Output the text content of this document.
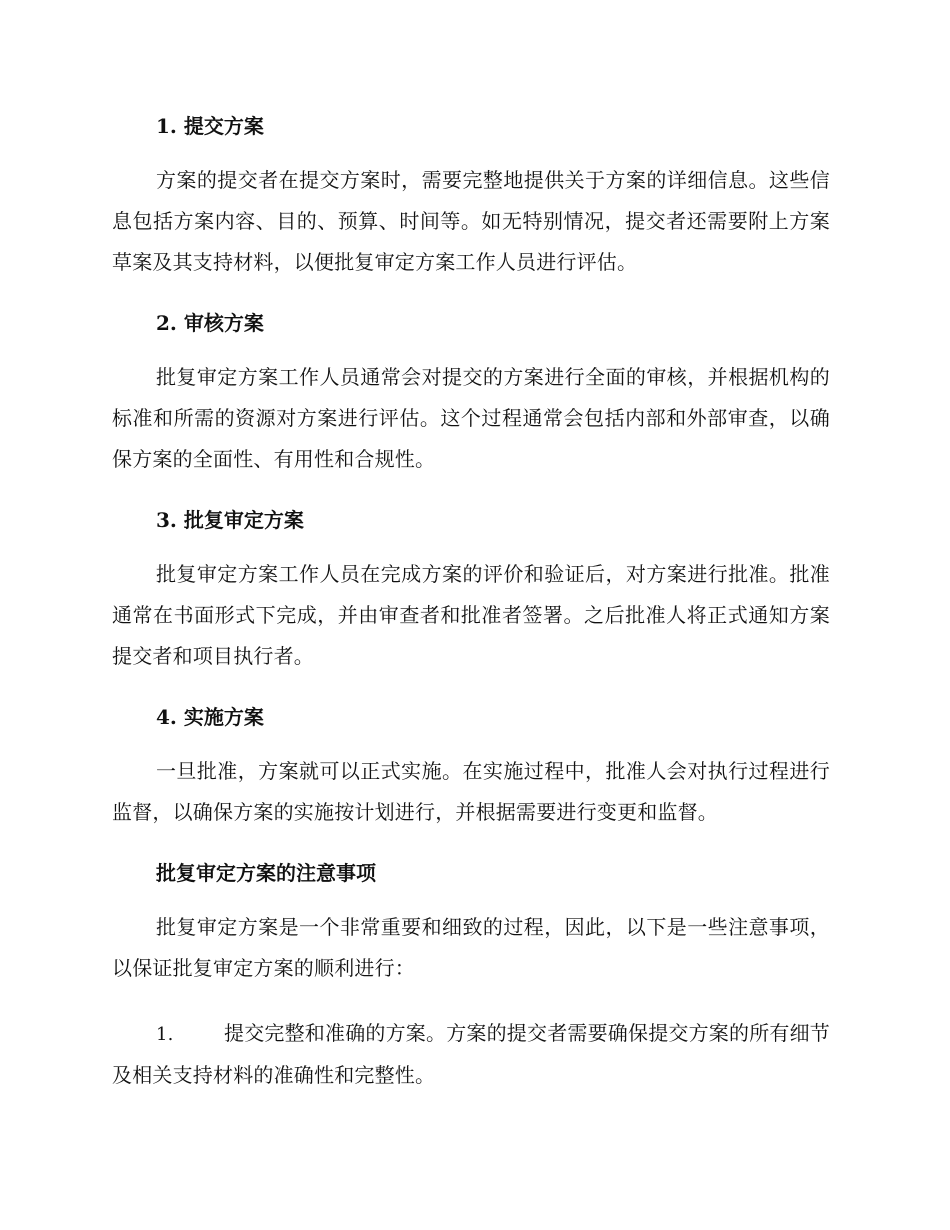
1. 提交方案

方案的提交者在提交方案时，需要完整地提供关于方案的详细信息。这些信息包括方案内容、目的、预算、时间等。如无特别情况，提交者还需要附上方案草案及其支持材料，以便批复审定方案工作人员进行评估。

2. 审核方案

批复审定方案工作人员通常会对提交的方案进行全面的审核，并根据机构的标准和所需的资源对方案进行评估。这个过程通常会包括内部和外部审查，以确保方案的全面性、有用性和合规性。

3. 批复审定方案

批复审定方案工作人员在完成方案的评价和验证后，对方案进行批准。批准通常在书面形式下完成，并由审查者和批准者签署。之后批准人将正式通知方案提交者和项目执行者。

4. 实施方案

一旦批准，方案就可以正式实施。在实施过程中，批准人会对执行过程进行监督，以确保方案的实施按计划进行，并根据需要进行变更和监督。

批复审定方案的注意事项

批复审定方案是一个非常重要和细致的过程，因此，以下是一些注意事项，以保证批复审定方案的顺利进行：

1.	提交完整和准确的方案。方案的提交者需要确保提交方案的所有细节及相关支持材料的准确性和完整性。
